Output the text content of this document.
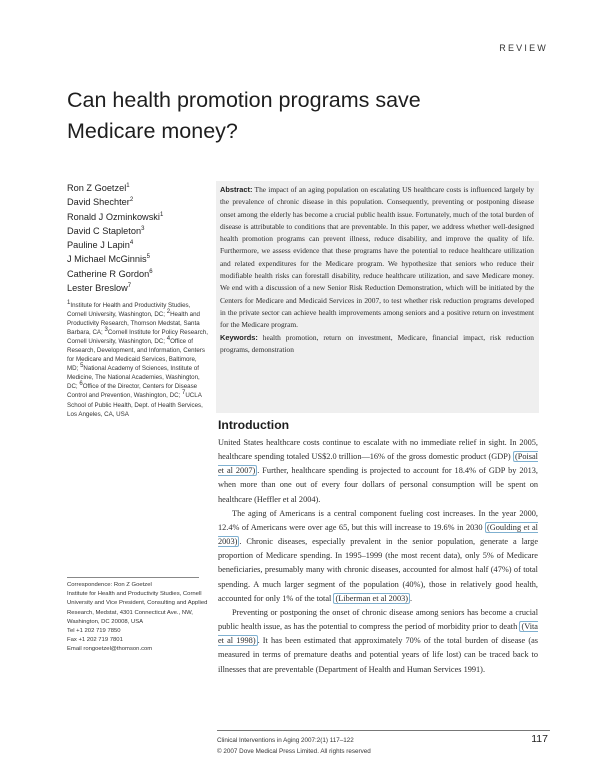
REVIEW
Can health promotion programs save Medicare money?
Ron Z Goetzel$^1$
David Shechter$^2$
Ronald J Ozminkowski$^1$
David C Stapleton$^3$
Pauline J Lapin$^4$
J Michael McGinnis$^5$
Catherine R Gordon$^6$
Lester Breslow$^7$
$^1$Institute for Health and Productivity Studies, Cornell University, Washington, DC; $^2$Health and Productivity Research, Thomson Medstat, Santa Barbara, CA; $^3$Cornell Institute for Policy Research, Cornell University, Washington, DC; $^4$Office of Research, Development, and Information, Centers for Medicare and Medicaid Services, Baltimore, MD; $^5$National Academy of Sciences, Institute of Medicine, The National Academies, Washington, DC; $^6$Office of the Director, Centers for Disease Control and Prevention, Washington, DC; $^7$UCLA School of Public Health, Dept. of Health Services, Los Angeles, CA, USA
Correspondence: Ron Z Goetzel
Institute for Health and Productivity Studies, Cornell University and Vice President, Consulting and Applied Research, Medstat, 4301 Connecticut Ave., NW, Washington, DC 20008, USA
Tel +1 202 719 7850
Fax +1 202 719 7801
Email rongoetzel@thomson.com

Abstract: The impact of an aging population on escalating US healthcare costs is influenced largely by the prevalence of chronic disease in this population. Consequently, preventing or postponing disease onset among the elderly has become a crucial public health issue. Fortunately, much of the total burden of disease is attributable to conditions that are preventable. In this paper, we address whether well-designed health promotion programs can prevent illness, reduce disability, and improve the quality of life. Furthermore, we assess evidence that these programs have the potential to reduce healthcare utilization and related expenditures for the Medicare program. We hypothesize that seniors who reduce their modifiable health risks can forestall disability, reduce healthcare utilization, and save Medicare money. We end with a discussion of a new Senior Risk Reduction Demonstration, which will be initiated by the Centers for Medicare and Medicaid Services in 2007, to test whether risk reduction programs developed in the private sector can achieve health improvements among seniors and a positive return on investment for the Medicare program.

Keywords: health promotion, return on investment, Medicare, financial impact, risk reduction programs, demonstration

Introduction

United States healthcare costs continue to escalate with no immediate relief in sight. In 2005, healthcare spending totaled US$2.0 trillion—16% of the gross domestic product (GDP) (Poisal et al 2007) . Further, healthcare spending is projected to account for 18.4% of GDP by 2013, when more than one out of every four dollars of personal consumption will be spent on healthcare (Heffler et al 2004).

The aging of Americans is a central component fueling cost increases. In the year 2000, 12.4% of Americans were over age 65, but this will increase to 19.6% in 2030 (Goulding et al 2003) . Chronic diseases, especially prevalent in the senior population, generate a large proportion of Medicare spending. In 1995–1999 (the most recent data), only 5% of Medicare beneficiaries, presumably many with chronic diseases, accounted for almost half (47%) of total spending. A much larger segment of the population (40%), those in relatively good health, accounted for only 1% of the total (Liberman et al 2003) .

Preventing or postponing the onset of chronic disease among seniors has become a crucial public health issue, as has the potential to compress the period of morbidity prior to death (Vita et al 1998) . It has been estimated that approximately 70% of the total burden of disease (as measured in terms of premature deaths and potential years of life lost) can be traced back to illnesses that are preventable (Department of Health and Human Services 1991).

Clinical Interventions in Aging 2007:2(1) 117–122
© 2007 Dove Medical Press Limited. All rights reserved
117
